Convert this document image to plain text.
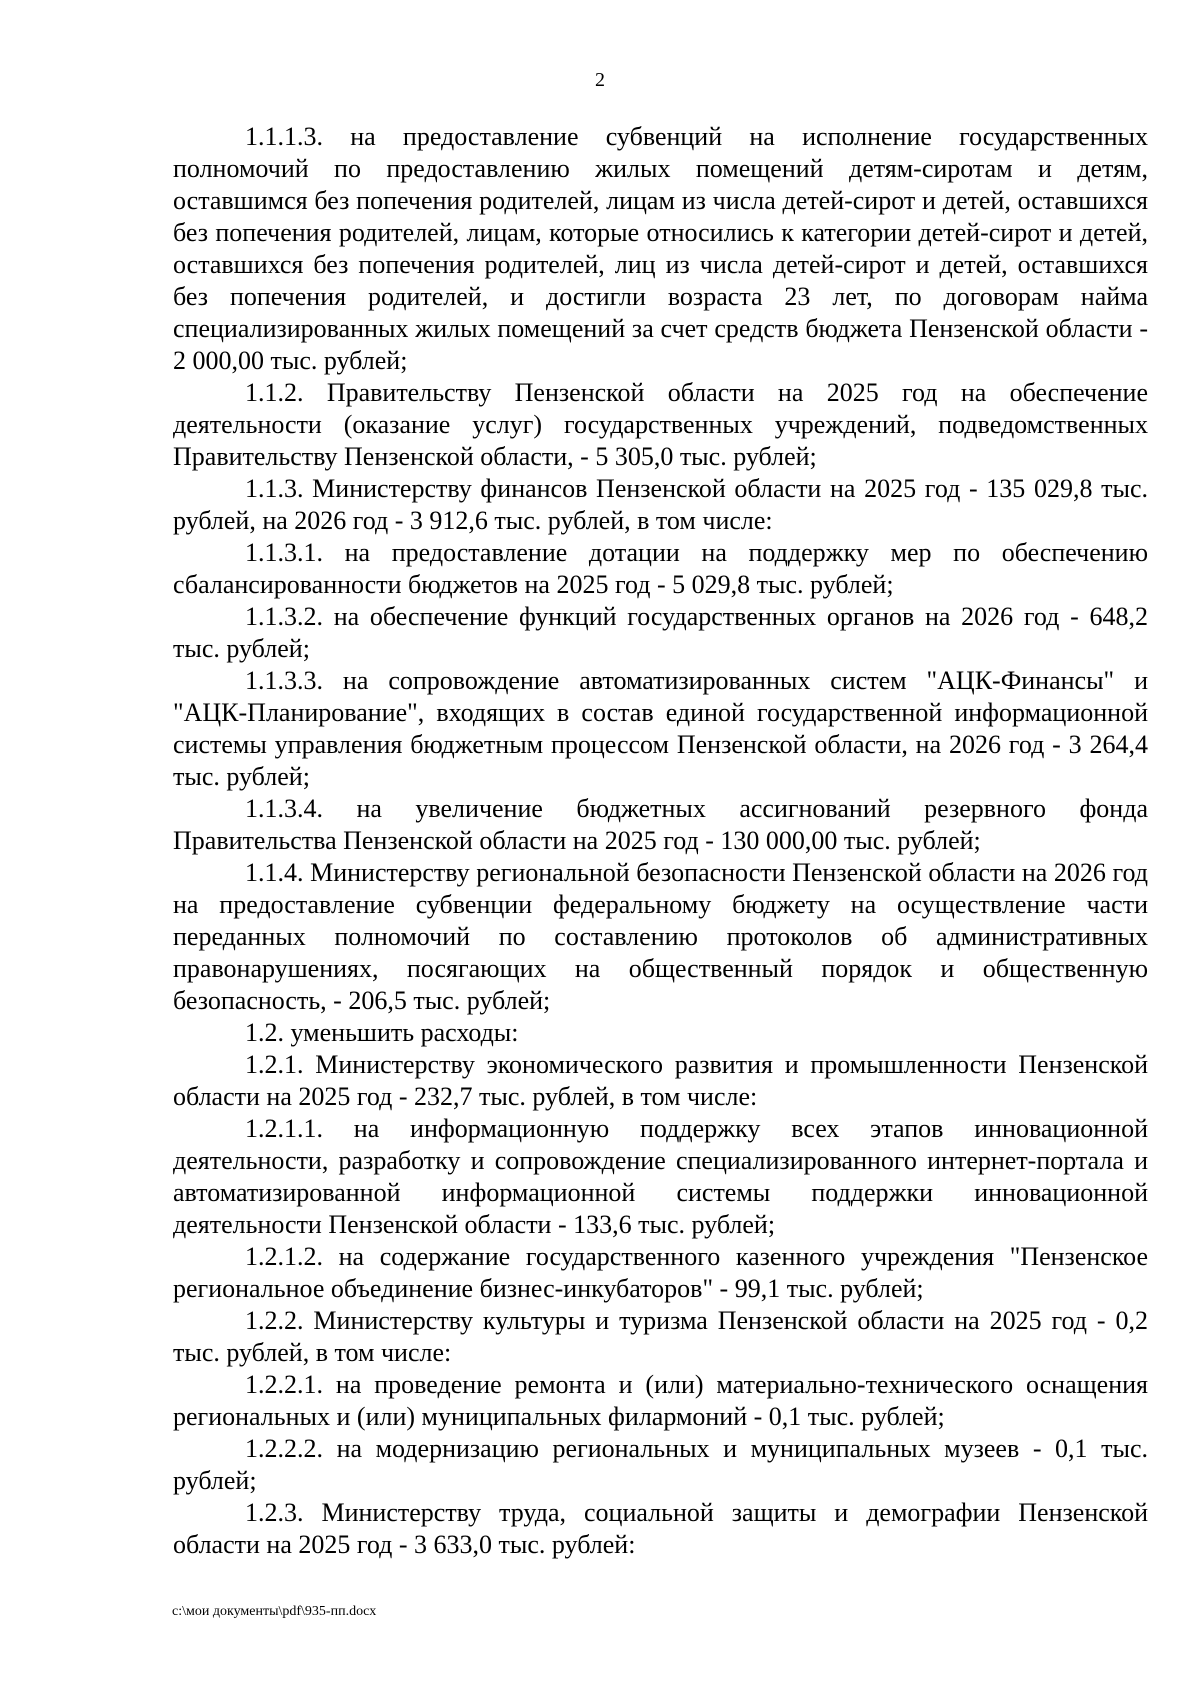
2

1.1.1.3. на предоставление субвенций на исполнение государственных полномочий по предоставлению жилых помещений детям-сиротам и детям, оставшимся без попечения родителей, лицам из числа детей-сирот и детей, оставшихся без попечения родителей, лицам, которые относились к категории детей-сирот и детей, оставшихся без попечения родителей, лиц из числа детей-сирот и детей, оставшихся без попечения родителей, и достигли возраста 23 лет, по договорам найма специализированных жилых помещений за счет средств бюджета Пензенской области - 2 000,00 тыс. рублей;

1.1.2. Правительству Пензенской области на 2025 год на обеспечение деятельности (оказание услуг) государственных учреждений, подведомственных Правительству Пензенской области, - 5 305,0 тыс. рублей;

1.1.3. Министерству финансов Пензенской области на 2025 год - 135 029,8 тыс. рублей, на 2026 год - 3 912,6 тыс. рублей, в том числе:

1.1.3.1. на предоставление дотации на поддержку мер по обеспечению сбалансированности бюджетов на 2025 год - 5 029,8 тыс. рублей;

1.1.3.2. на обеспечение функций государственных органов на 2026 год - 648,2 тыс. рублей;

1.1.3.3. на сопровождение автоматизированных систем "АЦК-Финансы" и "АЦК-Планирование", входящих в состав единой государственной информационной системы управления бюджетным процессом Пензенской области, на 2026 год - 3 264,4 тыс. рублей;

1.1.3.4. на увеличение бюджетных ассигнований резервного фонда Правительства Пензенской области на 2025 год - 130 000,00 тыс. рублей;

1.1.4. Министерству региональной безопасности Пензенской области на 2026 год на предоставление субвенции федеральному бюджету на осуществление части переданных полномочий по составлению протоколов об административных правонарушениях, посягающих на общественный порядок и общественную безопасность, - 206,5 тыс. рублей;

1.2. уменьшить расходы:

1.2.1. Министерству экономического развития и промышленности Пензенской области на 2025 год - 232,7 тыс. рублей, в том числе:

1.2.1.1. на информационную поддержку всех этапов инновационной деятельности, разработку и сопровождение специализированного интернет-портала и автоматизированной информационной системы поддержки инновационной деятельности Пензенской области - 133,6 тыс. рублей;

1.2.1.2. на содержание государственного казенного учреждения "Пензенское региональное объединение бизнес-инкубаторов" - 99,1 тыс. рублей;

1.2.2. Министерству культуры и туризма Пензенской области на 2025 год - 0,2 тыс. рублей, в том числе:

1.2.2.1. на проведение ремонта и (или) материально-технического оснащения региональных и (или) муниципальных филармоний - 0,1 тыс. рублей;

1.2.2.2. на модернизацию региональных и муниципальных музеев - 0,1 тыс. рублей;

1.2.3. Министерству труда, социальной защиты и демографии Пензенской области на 2025 год - 3 633,0 тыс. рублей:

c:\мои документы\pdf\935-пп.docx
